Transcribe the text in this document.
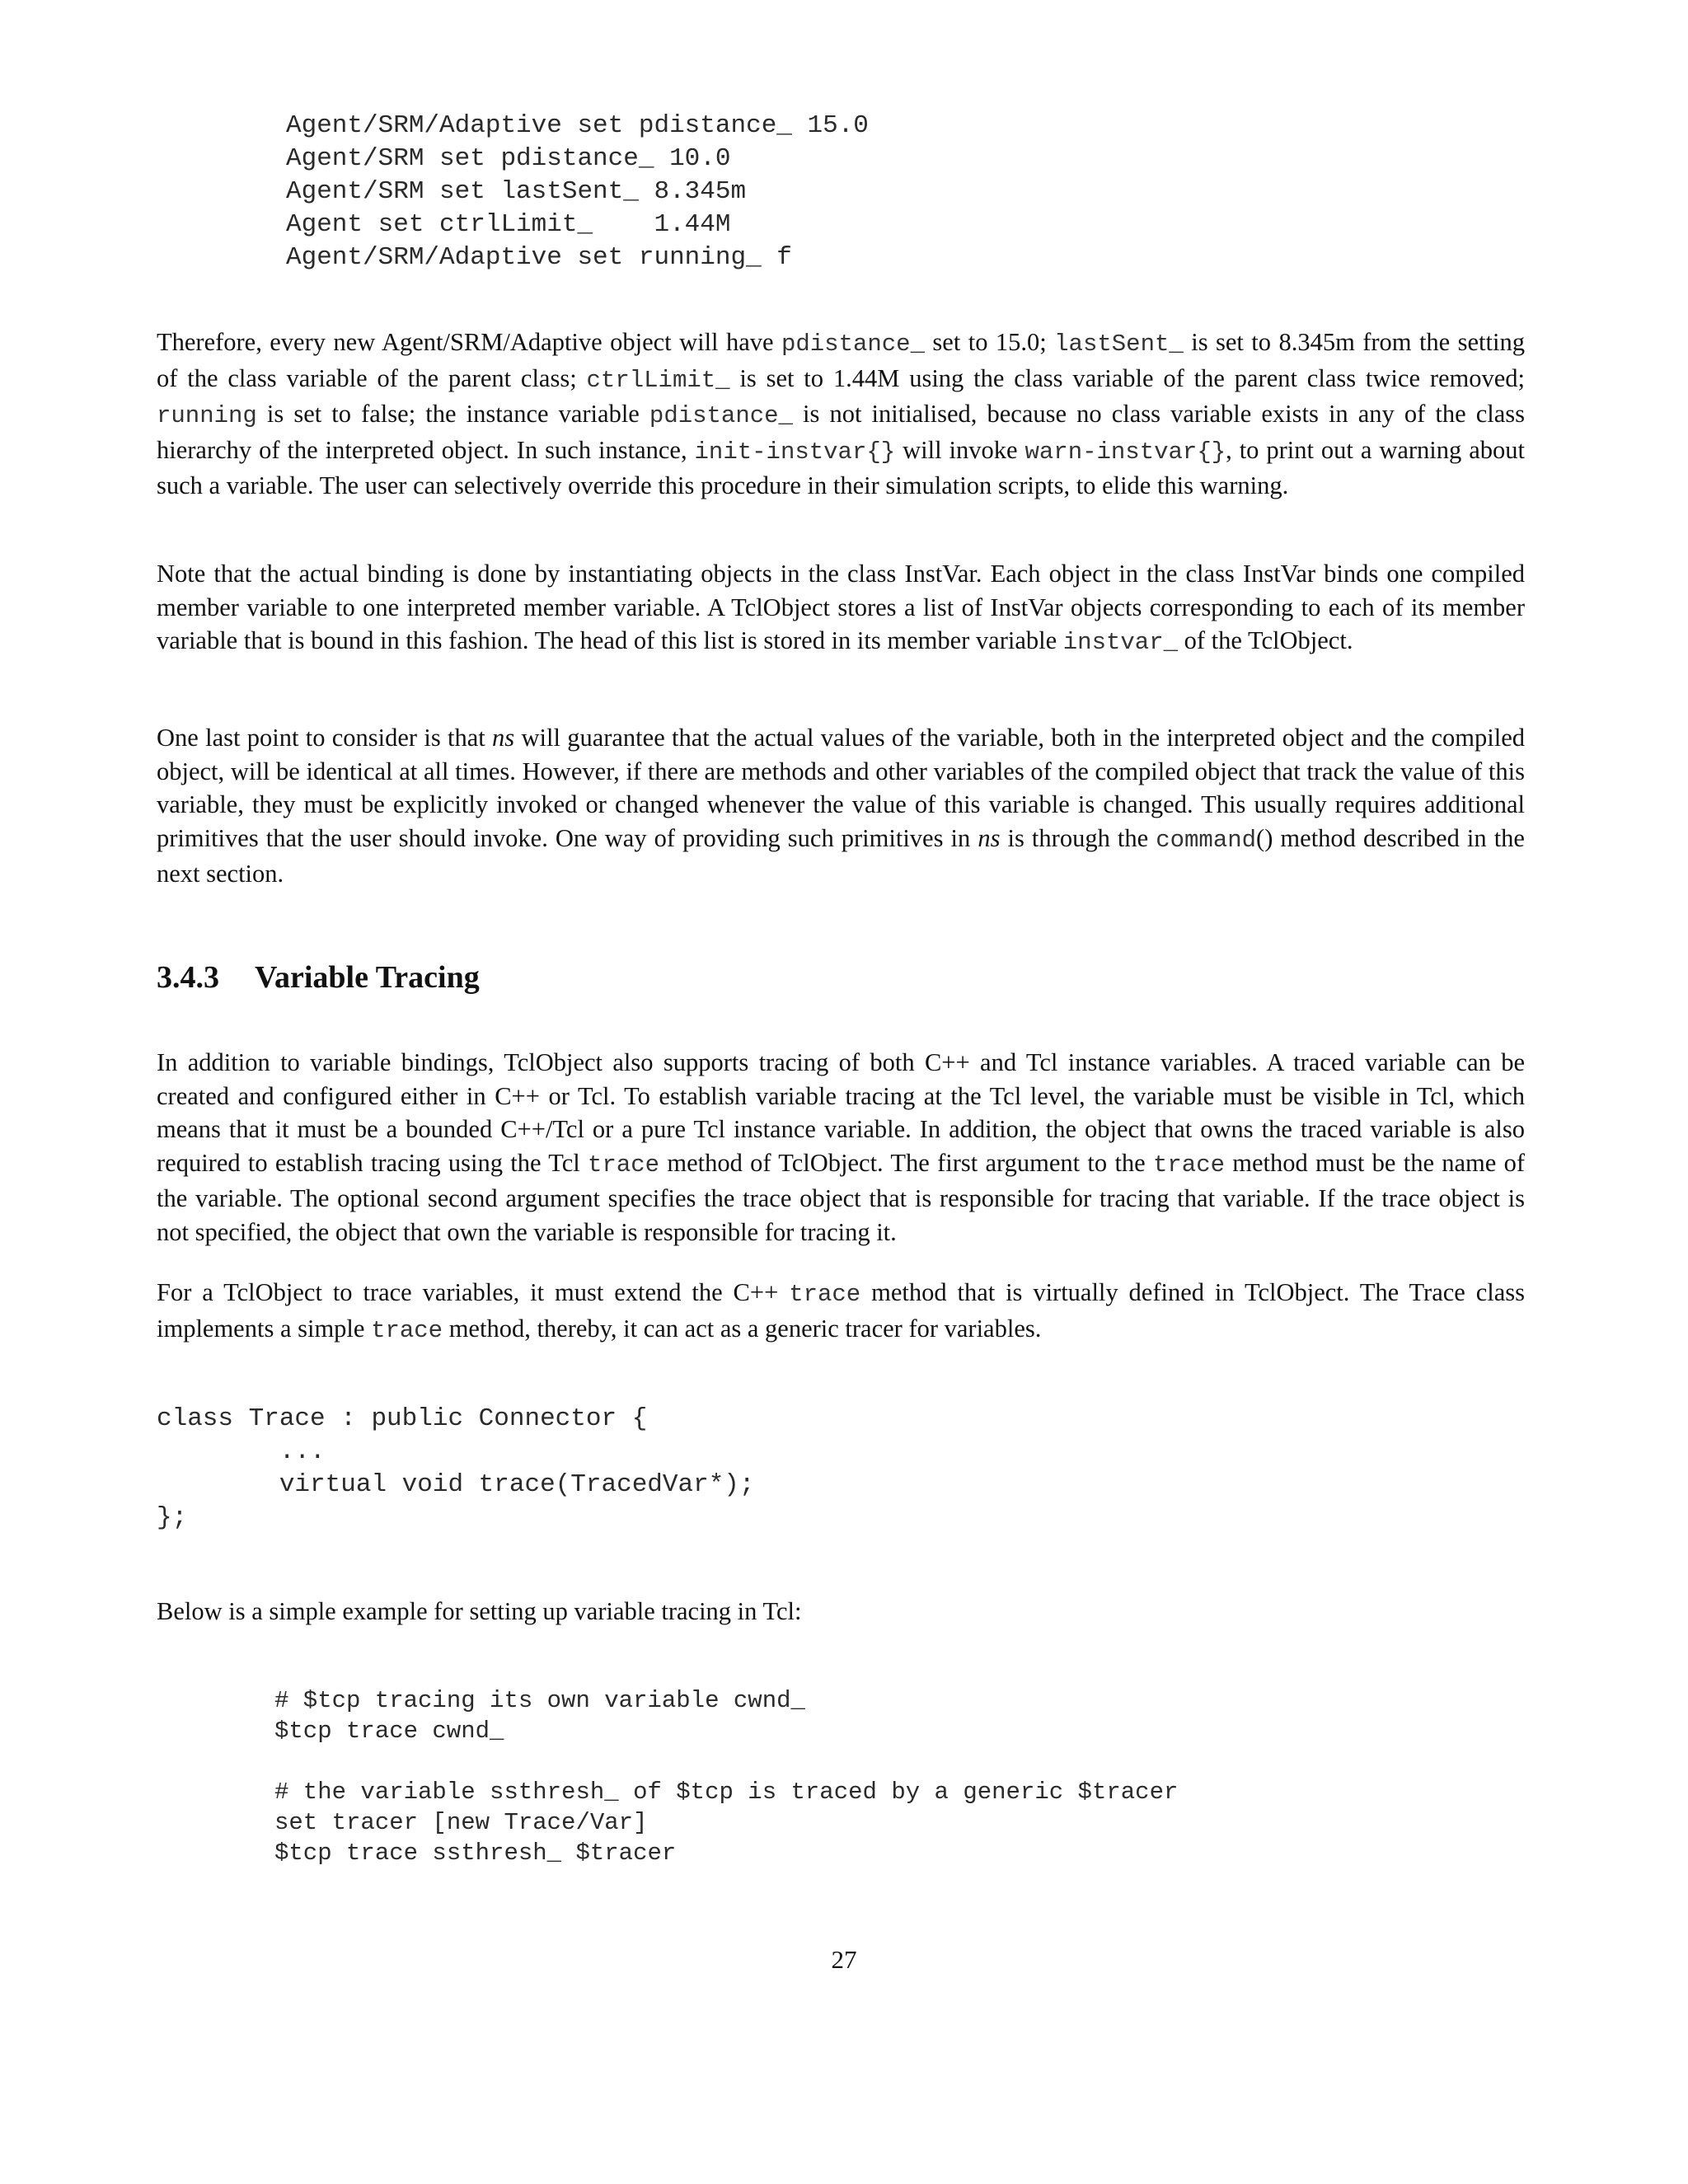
Agent/SRM/Adaptive set pdistance_ 15.0
Agent/SRM set pdistance_ 10.0
Agent/SRM set lastSent_ 8.345m
Agent set ctrlLimit_    1.44M
Agent/SRM/Adaptive set running_ f

Therefore, every new Agent/SRM/Adaptive object will have pdistance_ set to 15.0; lastSent_ is set to 8.345m from the setting of the class variable of the parent class; ctrlLimit_ is set to 1.44M using the class variable of the parent class twice removed; running is set to false; the instance variable pdistance_ is not initialised, because no class variable exists in any of the class hierarchy of the interpreted object. In such instance, init-instvar{} will invoke warn-instvar{}, to print out a warning about such a variable. The user can selectively override this procedure in their simulation scripts, to elide this warning.

Note that the actual binding is done by instantiating objects in the class InstVar. Each object in the class InstVar binds one compiled member variable to one interpreted member variable. A TclObject stores a list of InstVar objects corresponding to each of its member variable that is bound in this fashion. The head of this list is stored in its member variable instvar_ of the TclObject.

One last point to consider is that ns will guarantee that the actual values of the variable, both in the interpreted object and the compiled object, will be identical at all times. However, if there are methods and other variables of the compiled object that track the value of this variable, they must be explicitly invoked or changed whenever the value of this variable is changed. This usually requires additional primitives that the user should invoke. One way of providing such primitives in ns is through the command() method described in the next section.

3.4.3 Variable Tracing

In addition to variable bindings, TclObject also supports tracing of both C++ and Tcl instance variables. A traced variable can be created and configured either in C++ or Tcl. To establish variable tracing at the Tcl level, the variable must be visible in Tcl, which means that it must be a bounded C++/Tcl or a pure Tcl instance variable. In addition, the object that owns the traced variable is also required to establish tracing using the Tcl trace method of TclObject. The first argument to the trace method must be the name of the variable. The optional second argument specifies the trace object that is responsible for tracing that variable. If the trace object is not specified, the object that own the variable is responsible for tracing it.

For a TclObject to trace variables, it must extend the C++ trace method that is virtually defined in TclObject. The Trace class implements a simple trace method, thereby, it can act as a generic tracer for variables.

class Trace : public Connector {
...
virtual void trace(TracedVar*);
};

Below is a simple example for setting up variable tracing in Tcl:

# $tcp tracing its own variable cwnd_
$tcp trace cwnd_

# the variable ssthresh_ of $tcp is traced by a generic $tracer
set tracer [new Trace/Var]
$tcp trace ssthresh_ $tracer
27
